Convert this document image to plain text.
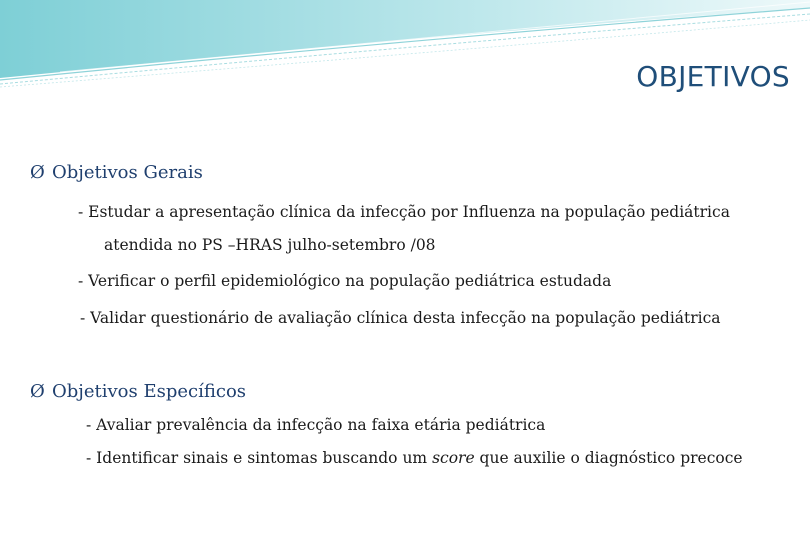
OBJETIVOS
Ø Objetivos Gerais
- Estudar a apresentação clínica da infecção por Influenza na população pediátrica
atendida no PS –HRAS julho-setembro /08
- Verificar o perfil epidemiológico na população pediátrica estudada
- Validar questionário de avaliação clínica desta infecção na população pediátrica
Ø Objetivos Específicos
- Avaliar prevalência da infecção na faixa etária pediátrica
- Identificar sinais e sintomas buscando um score que auxilie o diagnóstico precoce
